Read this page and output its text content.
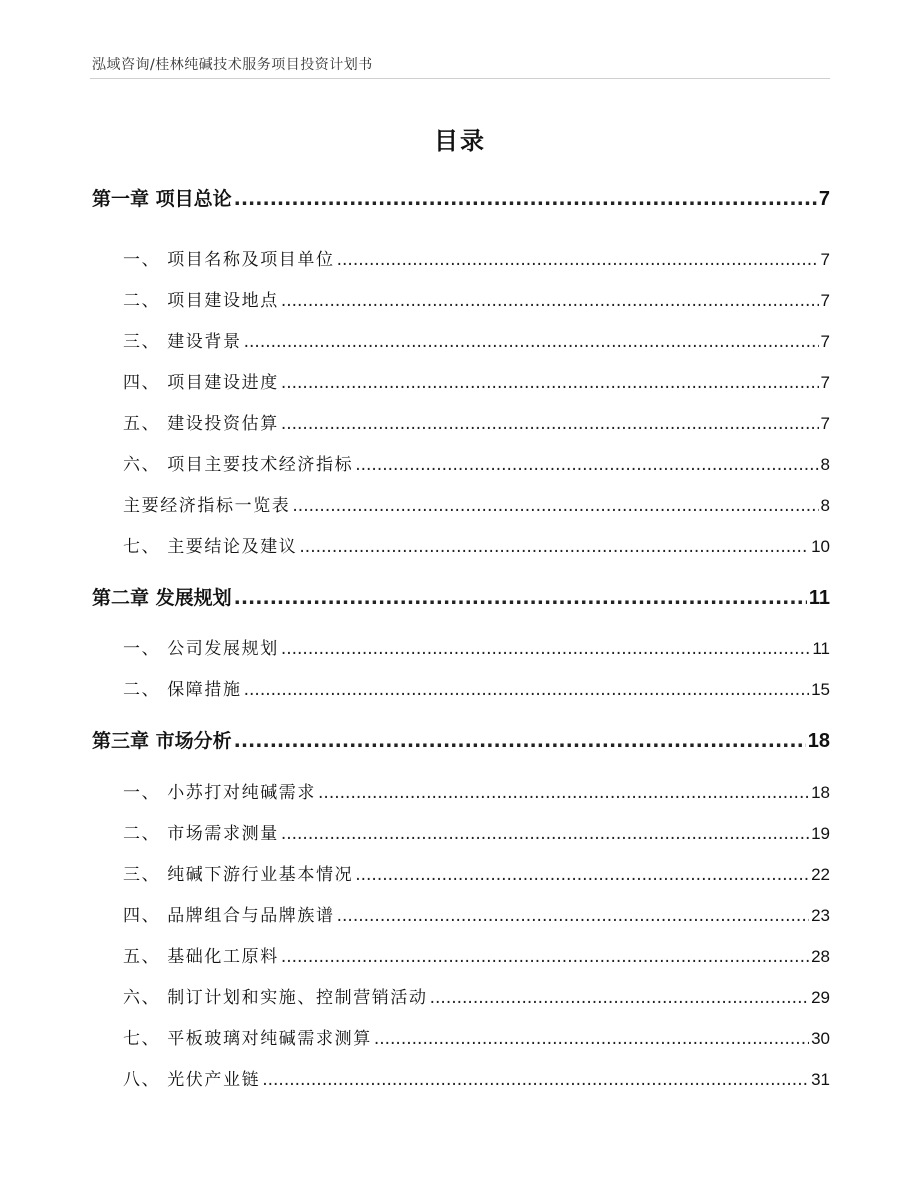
泓域咨询/桂林纯碱技术服务项目投资计划书
目录
第一章 项目总论 .....	7
一、 项目名称及项目单位 .....	7
二、 项目建设地点 .....	7
三、 建设背景 .....	7
四、 项目建设进度 .....	7
五、 建设投资估算 .....	7
六、 项目主要技术经济指标 .....	8
主要经济指标一览表 .....	8
七、 主要结论及建议 .....	10
第二章 发展规划 .....	11
一、 公司发展规划 .....	11
二、 保障措施 .....	15
第三章 市场分析 .....	18
一、 小苏打对纯碱需求 .....	18
二、 市场需求测量 .....	19
三、 纯碱下游行业基本情况 .....	22
四、 品牌组合与品牌族谱 .....	23
五、 基础化工原料 .....	28
六、 制订计划和实施、控制营销活动 .....	29
七、 平板玻璃对纯碱需求测算 .....	30
八、 光伏产业链 .....	31
